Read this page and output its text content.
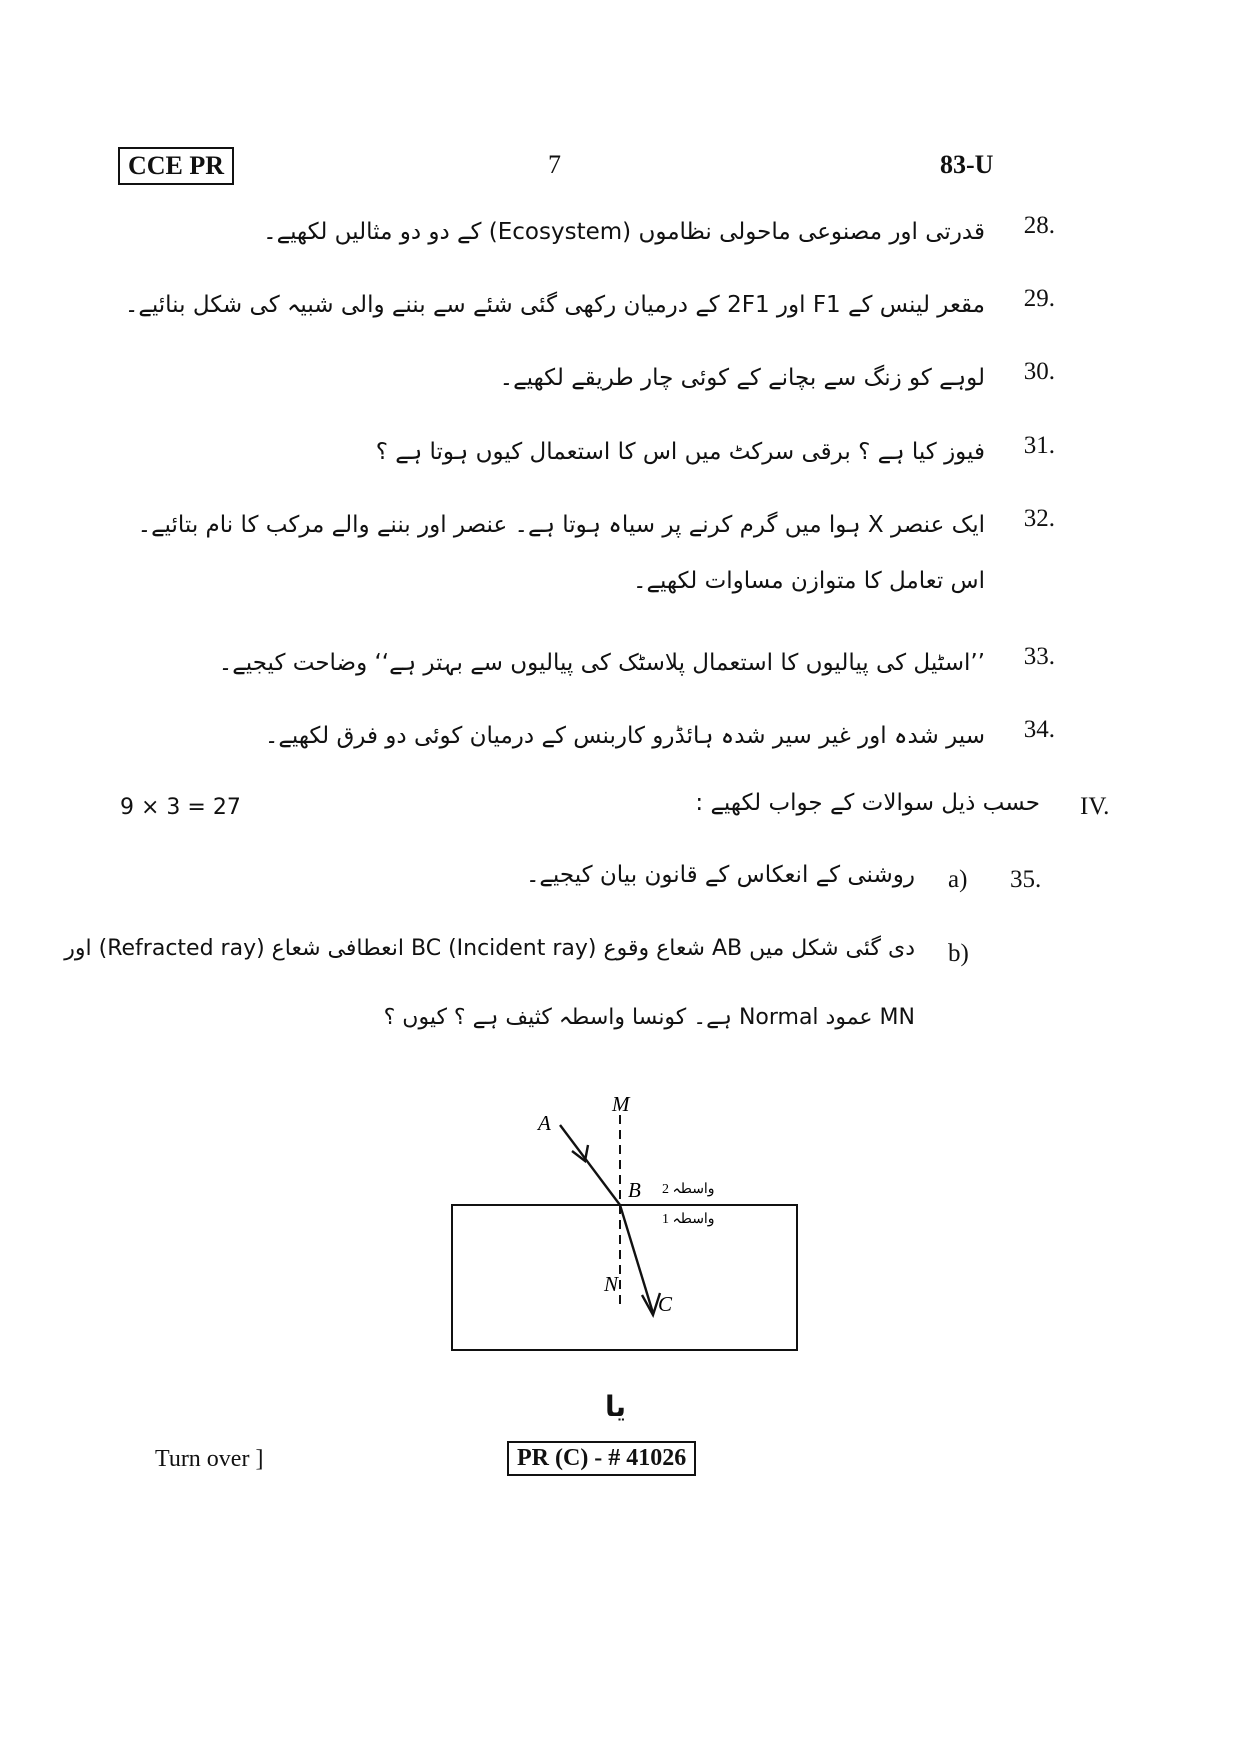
CCE PR	7	83-U
28.
قدرتی اور مصنوعی ماحولی نظاموں (Ecosystem) کے دو دو مثالیں لکھیے۔
29.
مقعر لینس کے F1 اور 2F1 کے درمیان رکھی گئی شئے سے بننے والی شبیہ کی شکل بنائیے۔
30.
لوہے کو زنگ سے بچانے کے کوئی چار طریقے لکھیے۔
31.
فیوز کیا ہے ؟ برقی سرکٹ میں اس کا استعمال کیوں ہوتا ہے ؟
32.
ایک عنصر X ہوا میں گرم کرنے پر سیاہ ہوتا ہے۔ عنصر اور بننے والے مرکب کا نام بتائیے۔ اس تعامل کا متوازن مساوات لکھیے۔
33.
’’اسٹیل کی پیالیوں کا استعمال پلاسٹک کی پیالیوں سے بہتر ہے‘‘ وضاحت کیجیے۔
34.
سیر شدہ اور غیر سیر شدہ ہائڈرو کاربنس کے درمیان کوئی دو فرق لکھیے۔
9 × 3 = 27	IV.
حسب ذیل سوالات کے جواب لکھیے :
35.
a)
روشنی کے انعکاس کے قانون بیان کیجیے۔
b)
دی گئی شکل میں AB شعاع وقوع (Incident ray) BC انعطافی شعاع (Refracted ray) اور
MN عمود Normal ہے۔ کونسا واسطہ کثیف ہے ؟ کیوں ؟
A
M
B
N
C
2 واسطہ
1 واسطہ
یا
Turn over ]	PR (C) - # 41026
